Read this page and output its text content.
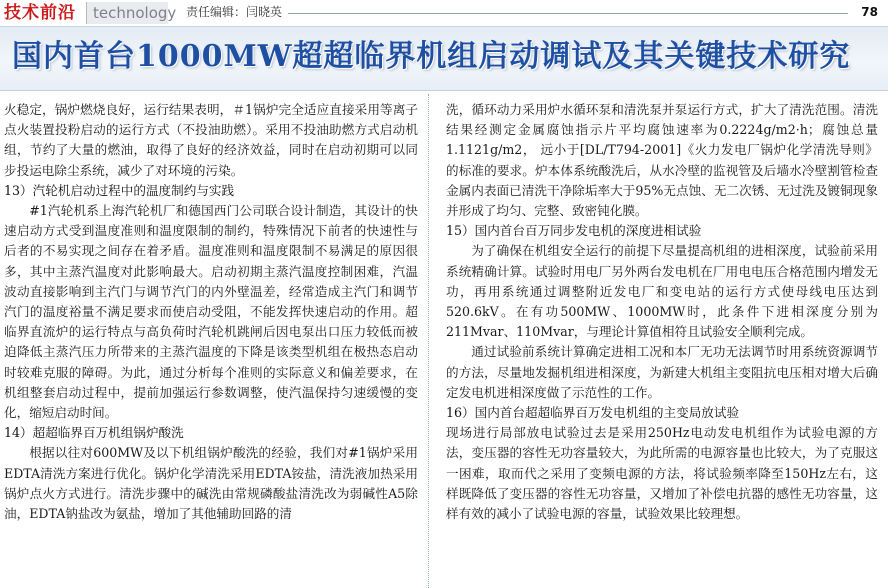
技术前沿	technology 责任编辑：闫晓英	78
国内首台1000MW超超临界机组启动调试及其关键技术研究

火稳定，锅炉燃烧良好，运行结果表明，＃1锅炉完全适应直接采用等离子点火装置投粉启动的运行方式（不投油助燃）。采用不投油助燃方式启动机组，节约了大量的燃油，取得了良好的经济效益，同时在启动初期可以同步投运电除尘系统，减少了对环境的污染。

13）汽轮机启动过程中的温度制约与实践

#1汽轮机系上海汽轮机厂和德国西门公司联合设计制造，其设计的快速启动方式受到温度准则和温度限制的制约，特殊情况下前者的快速性与后者的不易实现之间存在着矛盾。温度准则和温度限制不易满足的原因很多，其中主蒸汽温度对此影响最大。启动初期主蒸汽温度控制困难，汽温波动直接影响到主汽门与调节汽门的内外壁温差，经常造成主汽门和调节汽门的温度裕量不满足要求而使启动受阻，不能发挥快速启动的作用。超临界直流炉的运行特点与高负荷时汽轮机跳闸后因电泵出口压力较低而被迫降低主蒸汽压力所带来的主蒸汽温度的下降是该类型机组在极热态启动时较难克服的障碍。为此，通过分析每个准则的实际意义和偏差要求，在机组整套启动过程中，提前加强运行参数调整，使汽温保持匀速缓慢的变化，缩短启动时间。

14）超超临界百万机组锅炉酸洗

根据以往对600MW及以下机组锅炉酸洗的经验，我们对#1锅炉采用EDTA清洗方案进行优化。锅炉化学清洗采用EDTA铵盐，清洗液加热采用锅炉点火方式进行。清洗步骤中的碱洗由常规磷酸盐清洗改为弱碱性A5除油，EDTA钠盐改为氨盐，增加了其他辅助回路的清

洗，循环动力采用炉水循环泵和清洗泵并泵运行方式，扩大了清洗范围。清洗结果经测定金属腐蚀指示片平均腐蚀速率为0.2224g/m2·h；腐蚀总量1.1121g/m2， 远小于[DL/T794-2001]《火力发电厂锅炉化学清洗导则》的标准的要求。炉本体系统酸洗后，从水冷壁的监视管及后墙水冷壁割管检查金属内表面已清洗干净除垢率大于95%无点蚀、无二次锈、无过洗及镀铜现象并形成了均匀、完整、致密钝化膜。

15）国内首台百万同步发电机的深度进相试验

为了确保在机组安全运行的前提下尽量提高机组的进相深度，试验前采用系统精确计算。试验时用电厂另外两台发电机在厂用电电压合格范围内增发无功，再用系统通过调整附近发电厂和变电站的运行方式使母线电压达到520.6kV。在有功500MW、1000MW时，此条件下进相深度分别为211Mvar、110Mvar，与理论计算值相符且试验安全顺利完成。

通过试验前系统计算确定进相工况和本厂无功无法调节时用系统资源调节的方法，尽量地发掘机组进相深度，为新建大机组主变阻抗电压相对增大后确定发电机进相深度做了示范性的工作。

16）国内首台超超临界百万发电机组的主变局放试验

现场进行局部放电试验过去是采用250Hz电动发电机组作为试验电源的方法，变压器的容性无功容量较大，为此所需的电源容量也比较大，为了克服这一困难，取而代之采用了变频电源的方法，将试验频率降至150Hz左右，这样既降低了变压器的容性无功容量，又增加了补偿电抗器的感性无功容量，这样有效的减小了试验电源的容量，试验效果比较理想。
